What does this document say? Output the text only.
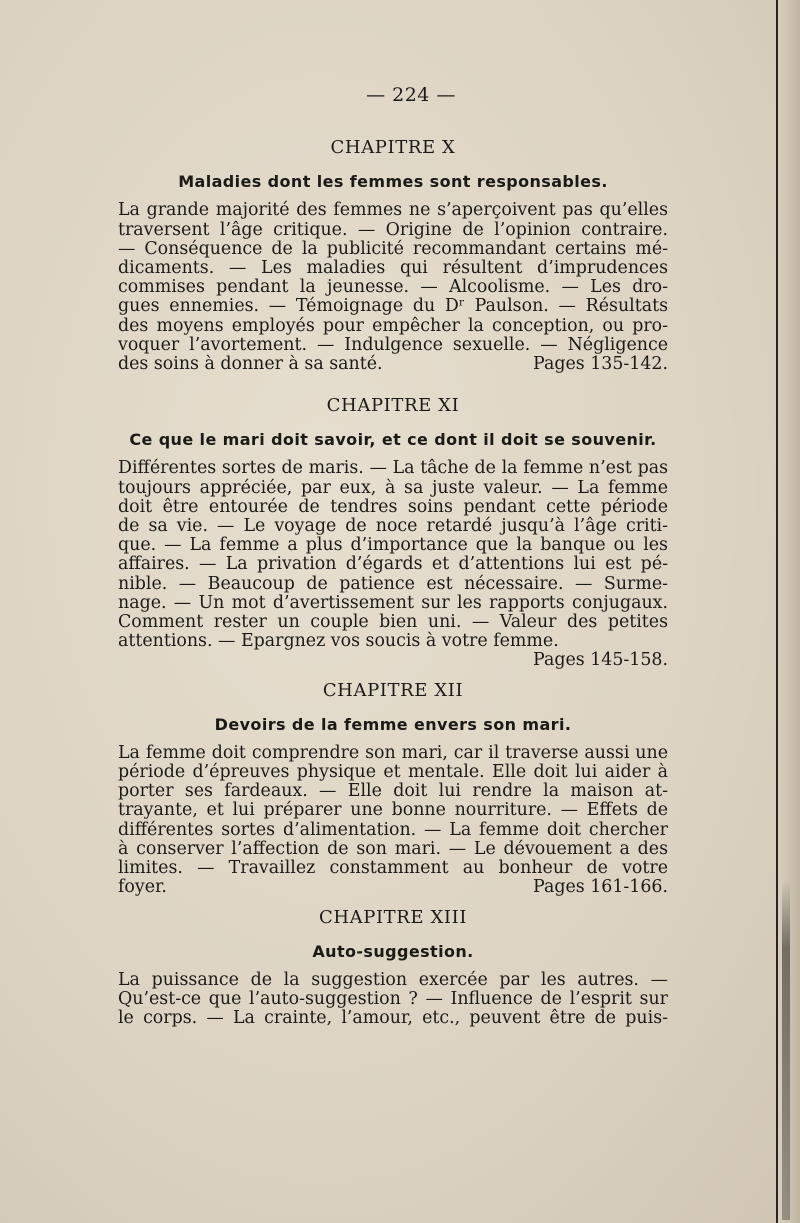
— 224 —
CHAPITRE X
Maladies dont les femmes sont responsables.
La grande majorité des femmes ne s’aperçoivent pas qu’elles
traversent l’âge critique. — Origine de l’opinion contraire.
— Conséquence de la publicité recommandant certains mé-
dicaments. — Les maladies qui résultent d’imprudences
commises pendant la jeunesse. — Alcoolisme. — Les dro-
gues ennemies. — Témoignage du Dʳ Paulson. — Résultats
des moyens employés pour empêcher la conception, ou pro-
voquer l’avortement. — Indulgence sexuelle. — Négligence
des soins à donner à sa santé.	Pages 135-142.
CHAPITRE XI
Ce que le mari doit savoir, et ce dont il doit se souvenir.
Différentes sortes de maris. — La tâche de la femme n’est pas
toujours appréciée, par eux, à sa juste valeur. — La femme
doit être entourée de tendres soins pendant cette période
de sa vie. — Le voyage de noce retardé jusqu’à l’âge criti-
que. — La femme a plus d’importance que la banque ou les
affaires. — La privation d’égards et d’attentions lui est pé-
nible. — Beaucoup de patience est nécessaire. — Surme-
nage. — Un mot d’avertissement sur les rapports conjugaux.
Comment rester un couple bien uni. — Valeur des petites
attentions. — Epargnez vos soucis à votre femme.
Pages 145-158.
CHAPITRE XII
Devoirs de la femme envers son mari.
La femme doit comprendre son mari, car il traverse aussi une
période d’épreuves physique et mentale. Elle doit lui aider à
porter ses fardeaux. — Elle doit lui rendre la maison at-
trayante, et lui préparer une bonne nourriture. — Effets de
différentes sortes d’alimentation. — La femme doit chercher
à conserver l’affection de son mari. — Le dévouement a des
limites. — Travaillez constamment au bonheur de votre
foyer.	Pages 161-166.
CHAPITRE XIII
Auto-suggestion.
La puissance de la suggestion exercée par les autres. —
Qu’est-ce que l’auto-suggestion ? — Influence de l’esprit sur
le corps. — La crainte, l’amour, etc., peuvent être de puis-
